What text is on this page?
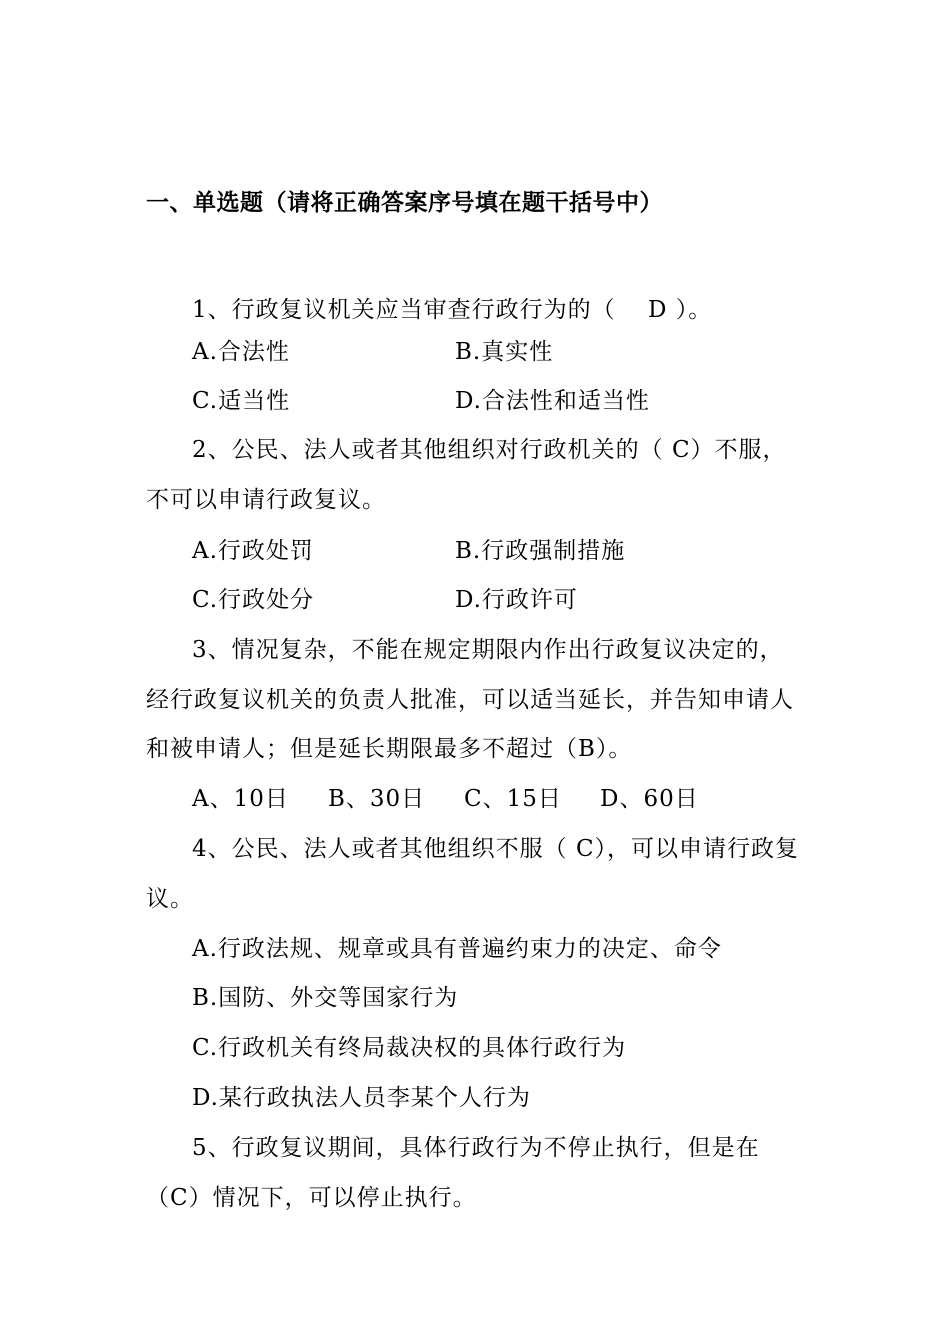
一、单选题（请将正确答案序号填在题干括号中）
1、行政复议机关应当审查行政行为的（　 D ）。
A.合法性	B.真实性
C.适当性	D.合法性和适当性
2、公民、法人或者其他组织对行政机关的（ C）不服，不可以申请行政复议。
A.行政处罚	B.行政强制措施
C.行政处分	D.行政许可
3、情况复杂，不能在规定期限内作出行政复议决定的，经行政复议机关的负责人批准，可以适当延长，并告知申请人和被申请人；但是延长期限最多不超过（B）。
A、10日	B、30日	C、15日	D、60日
4、公民、法人或者其他组织不服（ C），可以申请行政复议。
A.行政法规、规章或具有普遍约束力的决定、命令
B.国防、外交等国家行为
C.行政机关有终局裁决权的具体行政行为
D.某行政执法人员李某个人行为
5、行政复议期间，具体行政行为不停止执行，但是在（C）情况下，可以停止执行。
